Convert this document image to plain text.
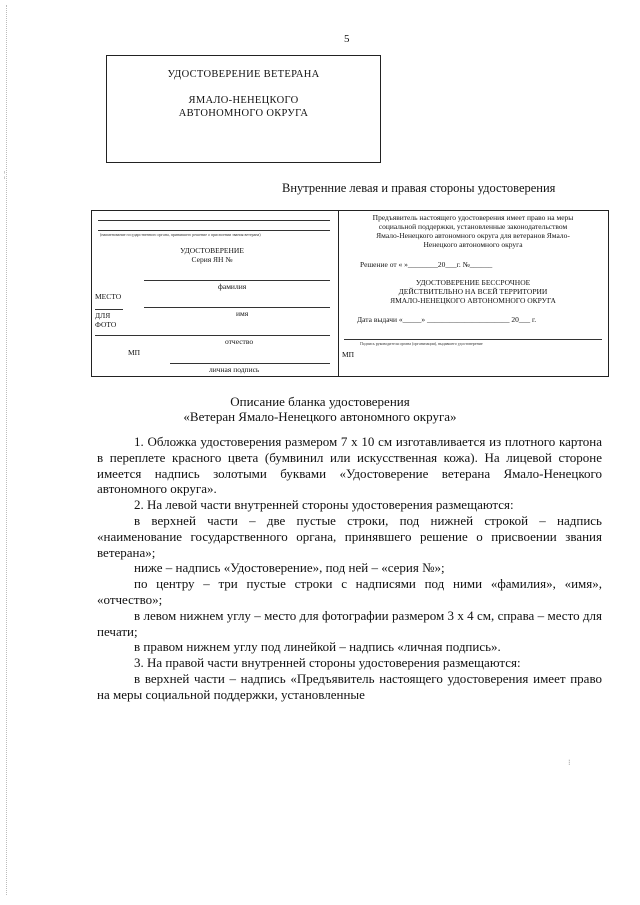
¦
5
УДОСТОВЕРЕНИЕ ВЕТЕРАНА
ЯМАЛО-НЕНЕЦКОГО
АВТОНОМНОГО ОКРУГА
Внутренние левая и правая стороны удостоверения
(наименование государственного органа, принявшего решение о присвоении звания ветерана)
УДОСТОВЕРЕНИЕ
Серия ЯН №
фамилия
МЕСТО
имя
ДЛЯ
ФОТО
отчество
МП
личная подпись
Предъявитель настоящего удостоверения имеет право на меры
социальной поддержки, установленные законодательством
Ямало-Ненецкого автономного округа для ветеранов Ямало-
Ненецкого автономного округа
Решение от « »________20___г. №______
УДОСТОВЕРЕНИЕ БЕССРОЧНОЕ
ДЕЙСТВИТЕЛЬНО НА ВСЕЙ ТЕРРИТОРИИ
ЯМАЛО-НЕНЕЦКОГО АВТОНОМНОГО ОКРУГА
Дата выдачи «_____» ______________________ 20___ г.
Подпись руководителя органа (организации), выдавшего удостоверение
МП
Описание бланка удостоверения
«Ветеран Ямало-Ненецкого автономного округа»

1. Обложка удостоверения размером 7 х 10 см изготавливается из плотного картона в переплете красного цвета (бумвинил или искусственная кожа). На лицевой стороне имеется надпись золотыми буквами «Удостоверение ветерана Ямало-Ненецкого автономного округа».

2. На левой части внутренней стороны удостоверения размещаются:

в верхней части – две пустые строки, под нижней строкой – надпись «наименование государственного органа, принявшего решение о присвоении звания ветерана»;

ниже – надпись «Удостоверение», под ней – «серия №»;

по центру – три пустые строки с надписями под ними «фамилия», «имя», «отчество»;

в левом нижнем углу – место для фотографии размером 3 х 4 см, справа – место для печати;

в правом нижнем углу под линейкой – надпись «личная подпись».

3. На правой части внутренней стороны удостоверения размещаются:

в верхней части – надпись «Предъявитель настоящего удостоверения имеет право на меры социальной поддержки, установленные

⁝
